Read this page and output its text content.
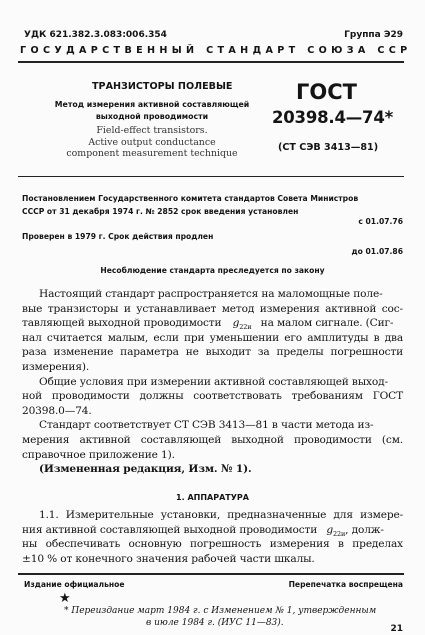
УДК 621.382.3.083:006.354	Группа Э29
ГОСУДАРСТВЕННЫЙ СТАНДАРТ СОЮЗА ССР
ТРАНЗИСТОРЫ ПОЛЕВЫЕ
Метод измерения активной составляющей
выходной проводимости
Field-effect transistors.
Active output conductance
component measurement technique
ГОСТ
20398.4—74*
(СТ СЭВ 3413—81)
Постановлением Государственного комитета стандартов Совета Министров
СССР от 31 декабря 1974 г. № 2852 срок введения установлен
с 01.07.76
Проверен в 1979 г. Срок действия продлен
до 01.07.86
Несоблюдение стандарта преследуется по закону
Настоящий стандарт распространяется на маломощные поле-
вые транзисторы и устанавливает метод измерения активной сос-
тавляющей выходной проводимости $g_{22и}$ на малом сигнале. (Сиг-
нал считается малым, если при уменьшении его амплитуды в два
раза изменение параметра не выходит за пределы погрешности
измерения).
Общие условия при измерении активной составляющей выход-
ной проводимости должны соответствовать требованиям ГОСТ
20398.0—74.
Стандарт соответствует СТ СЭВ 3413—81 в части метода из-
мерения активной составляющей выходной проводимости (см.
справочное приложение 1).
(Измененная редакция, Изм. № 1).
1. АППАРАТУРА
1.1. Измерительные установки, предназначенные для измере-
ния активной составляющей выходной проводимости $g_{22и}$, долж-
ны обеспечивать основную погрешность измерения в пределах
±10 % от конечного значения рабочей части шкалы.
Издание официальное	Перепечатка воспрещена
★
* Переиздание март 1984 г. с Изменением № 1, утвержденным
в июле 1984 г. (ИУС 11—83).
21
